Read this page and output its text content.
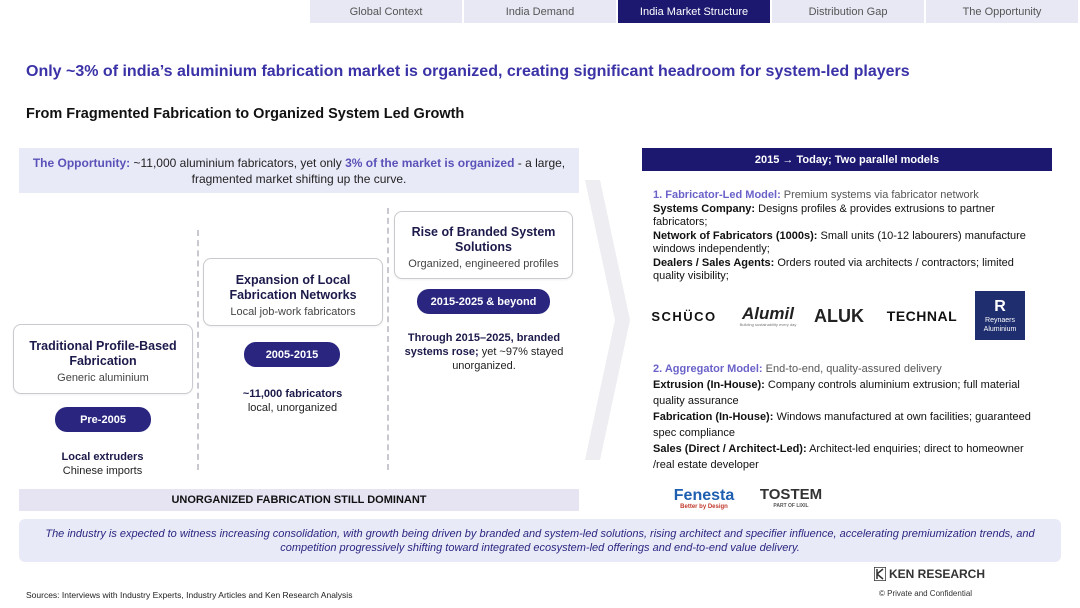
Global Context	India Demand	India Market Structure	Distribution Gap	The Opportunity
Only ~3% of india’s aluminium fabrication market is organized, creating significant headroom for system-led players
From Fragmented Fabrication to Organized System Led Growth
The Opportunity: ~11,000 aluminium fabricators, yet only 3% of the market is organized - a large, fragmented market shifting up the curve.
Traditional Profile-Based Fabrication
Generic aluminium
Pre-2005
Local extruders
Chinese imports
Expansion of Local Fabrication Networks
Local job-work fabricators
2005-2015
~11,000 fabricators
local, unorganized
Rise of Branded System Solutions
Organized, engineered profiles
2015-2025 & beyond
Through 2015–2025, branded systems rose; yet ~97% stayed unorganized.
UNORGANIZED FABRICATION STILL DOMINANT
2015 → Today; Two parallel models
1. Fabricator-Led Model: Premium systems via fabricator network
Systems Company: Designs profiles & provides extrusions to partner fabricators;
Network of Fabricators (1000s): Small units (10-12 labourers) manufacture windows independently;
Dealers / Sales Agents: Orders routed via architects / contractors; limited quality visibility;
SCHÜCO Alumil
Building sustainability every day ALUK TECHNAL
R
Reynaers
Aluminium
2. Aggregator Model: End-to-end, quality-assured delivery
Extrusion (In-House): Company controls aluminium extrusion; full material quality assurance
Fabrication (In-House): Windows manufactured at own facilities; guaranteed spec compliance
Sales (Direct / Architect-Led): Architect-led enquiries; direct to homeowner /real estate developer
Fenesta
Better by Design
TOSTEM
PART OF LIXIL
The industry is expected to witness increasing consolidation, with growth being driven by branded and system-led solutions, rising architect and specifier influence, accelerating premiumization trends, and competition progressively shifting toward integrated ecosystem-led offerings and end-to-end value delivery.
Sources: Interviews with Industry Experts, Industry Articles and Ken Research Analysis
KEN RESEARCH
© Private and Confidential
